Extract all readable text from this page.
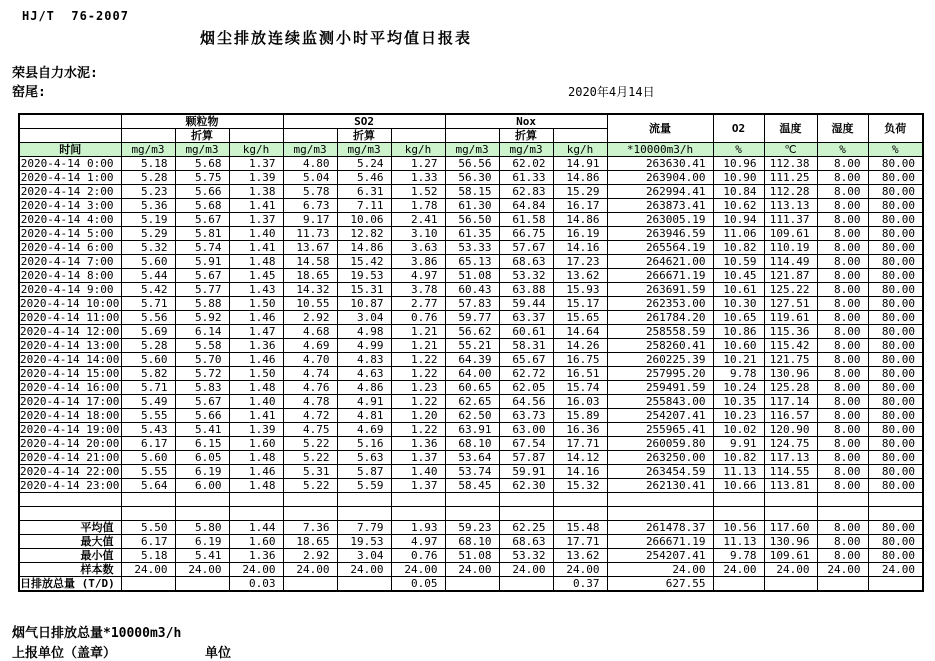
HJ/T  76-2007
烟尘排放连续监测小时平均值日报表
荣县自力水泥:
窑尾:	2020年4月14日
	颗粒物			SO2			Nox			流量	O2	温度	湿度	负荷
		折算			折算			折算						
时间	mg/m3	mg/m3	kg/h	mg/m3	mg/m3	kg/h	mg/m3	mg/m3	kg/h	*10000m3/h	%	℃	%	%
2020-4-14 0:00	5.18	5.68	1.37	4.80	5.24	1.27	56.56	62.02	14.91	263630.41	10.96	112.38	8.00	80.00
2020-4-14 1:00	5.28	5.75	1.39	5.04	5.46	1.33	56.30	61.33	14.86	263904.00	10.90	111.25	8.00	80.00
2020-4-14 2:00	5.23	5.66	1.38	5.78	6.31	1.52	58.15	62.83	15.29	262994.41	10.84	112.28	8.00	80.00
2020-4-14 3:00	5.36	5.68	1.41	6.73	7.11	1.78	61.30	64.84	16.17	263873.41	10.62	113.13	8.00	80.00
2020-4-14 4:00	5.19	5.67	1.37	9.17	10.06	2.41	56.50	61.58	14.86	263005.19	10.94	111.37	8.00	80.00
2020-4-14 5:00	5.29	5.81	1.40	11.73	12.82	3.10	61.35	66.75	16.19	263946.59	11.06	109.61	8.00	80.00
2020-4-14 6:00	5.32	5.74	1.41	13.67	14.86	3.63	53.33	57.67	14.16	265564.19	10.82	110.19	8.00	80.00
2020-4-14 7:00	5.60	5.91	1.48	14.58	15.42	3.86	65.13	68.63	17.23	264621.00	10.59	114.49	8.00	80.00
2020-4-14 8:00	5.44	5.67	1.45	18.65	19.53	4.97	51.08	53.32	13.62	266671.19	10.45	121.87	8.00	80.00
2020-4-14 9:00	5.42	5.77	1.43	14.32	15.31	3.78	60.43	63.88	15.93	263691.59	10.61	125.22	8.00	80.00
2020-4-14 10:00	5.71	5.88	1.50	10.55	10.87	2.77	57.83	59.44	15.17	262353.00	10.30	127.51	8.00	80.00
2020-4-14 11:00	5.56	5.92	1.46	2.92	3.04	0.76	59.77	63.37	15.65	261784.20	10.65	119.61	8.00	80.00
2020-4-14 12:00	5.69	6.14	1.47	4.68	4.98	1.21	56.62	60.61	14.64	258558.59	10.86	115.36	8.00	80.00
2020-4-14 13:00	5.28	5.58	1.36	4.69	4.99	1.21	55.21	58.31	14.26	258260.41	10.60	115.42	8.00	80.00
2020-4-14 14:00	5.60	5.70	1.46	4.70	4.83	1.22	64.39	65.67	16.75	260225.39	10.21	121.75	8.00	80.00
2020-4-14 15:00	5.82	5.72	1.50	4.74	4.63	1.22	64.00	62.72	16.51	257995.20	9.78	130.96	8.00	80.00
2020-4-14 16:00	5.71	5.83	1.48	4.76	4.86	1.23	60.65	62.05	15.74	259491.59	10.24	125.28	8.00	80.00
2020-4-14 17:00	5.49	5.67	1.40	4.78	4.91	1.22	62.65	64.56	16.03	255843.00	10.35	117.14	8.00	80.00
2020-4-14 18:00	5.55	5.66	1.41	4.72	4.81	1.20	62.50	63.73	15.89	254207.41	10.23	116.57	8.00	80.00
2020-4-14 19:00	5.43	5.41	1.39	4.75	4.69	1.22	63.91	63.00	16.36	255965.41	10.02	120.90	8.00	80.00
2020-4-14 20:00	6.17	6.15	1.60	5.22	5.16	1.36	68.10	67.54	17.71	260059.80	9.91	124.75	8.00	80.00
2020-4-14 21:00	5.60	6.05	1.48	5.22	5.63	1.37	53.64	57.87	14.12	263250.00	10.82	117.13	8.00	80.00
2020-4-14 22:00	5.55	6.19	1.46	5.31	5.87	1.40	53.74	59.91	14.16	263454.59	11.13	114.55	8.00	80.00
2020-4-14 23:00	5.64	6.00	1.48	5.22	5.59	1.37	58.45	62.30	15.32	262130.41	10.66	113.81	8.00	80.00

平均值	5.50	5.80	1.44	7.36	7.79	1.93	59.23	62.25	15.48	261478.37	10.56	117.60	8.00	80.00
最大值	6.17	6.19	1.60	18.65	19.53	4.97	68.10	68.63	17.71	266671.19	11.13	130.96	8.00	80.00
最小值	5.18	5.41	1.36	2.92	3.04	0.76	51.08	53.32	13.62	254207.41	9.78	109.61	8.00	80.00
样本数	24.00	24.00	24.00	24.00	24.00	24.00	24.00	24.00	24.00	24.00	24.00	24.00	24.00	24.00
日排放总量 (T/D)			0.03			0.05			0.37	627.55				
烟气日排放总量*10000m3/h
上报单位（盖章）	单位
